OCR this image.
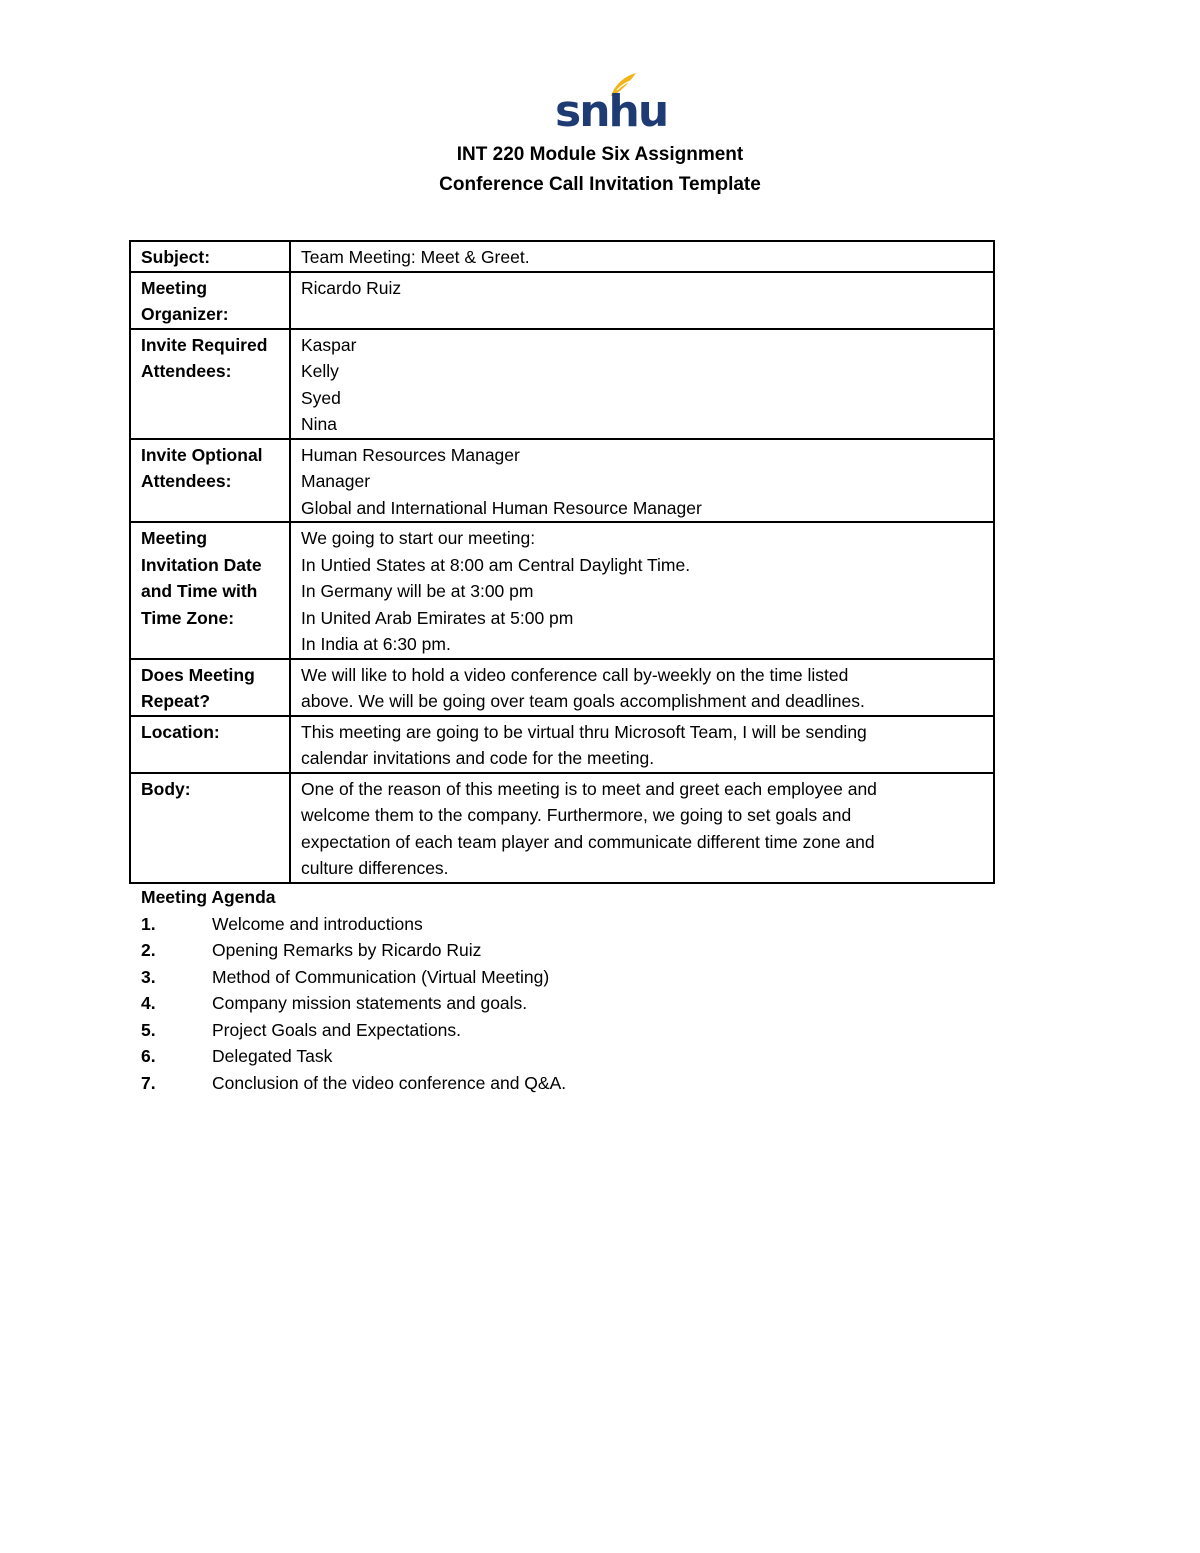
snhu
INT 220 Module Six Assignment
Conference Call Invitation Template
Subject:	Team Meeting: Meet & Greet.

Meeting
Organizer:	Ricardo Ruiz

Invite Required
Attendees:	Kaspar
Kelly
Syed
Nina

Invite Optional
Attendees:	Human Resources Manager
Manager
Global and International Human Resource Manager

Meeting
Invitation Date
and Time with
Time Zone:	We going to start our meeting:
In Untied States at 8:00 am Central Daylight Time.
In Germany will be at 3:00 pm
In United Arab Emirates at 5:00 pm
In India at 6:30 pm.

Does Meeting
Repeat?	We will like to hold a video conference call by-weekly on the time listed
above. We will be going over team goals accomplishment and deadlines.

Location:	This meeting are going to be virtual thru Microsoft Team, I will be sending
calendar invitations and code for the meeting.

Body:	One of the reason of this meeting is to meet and greet each employee and
welcome them to the company. Furthermore, we going to set goals and
expectation of each team player and communicate different time zone and
culture differences.
Meeting Agenda
1.	Welcome and introductions
2.	Opening Remarks by Ricardo Ruiz
3.	Method of Communication (Virtual Meeting)
4.	Company mission statements and goals.
5.	Project Goals and Expectations.
6.	Delegated Task
7.	Conclusion of the video conference and Q&A.
